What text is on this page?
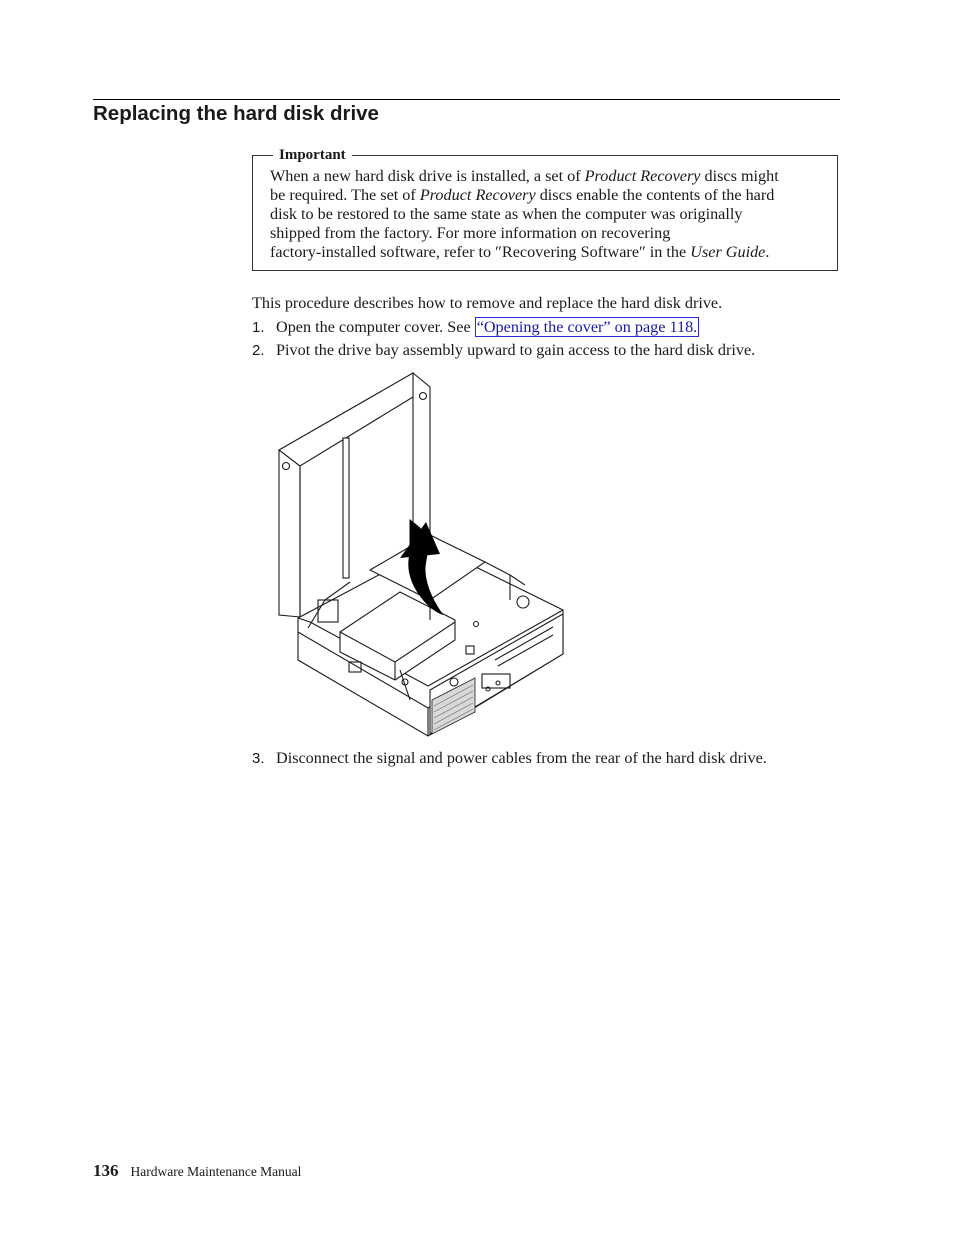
Replacing the hard disk drive
Important
When a new hard disk drive is installed, a set of Product Recovery discs might
be required. The set of Product Recovery discs enable the contents of the hard
disk to be restored to the same state as when the computer was originally
shipped from the factory. For more information on recovering
factory-installed software, refer to ″Recovering Software″ in the User Guide.

This procedure describes how to remove and replace the hard disk drive.

1. Open the computer cover. See “Opening the cover” on page 118.
2. Pivot the drive bay assembly upward to gain access to the hard disk drive.
3. Disconnect the signal and power cables from the rear of the hard disk drive.
136 Hardware Maintenance Manual
